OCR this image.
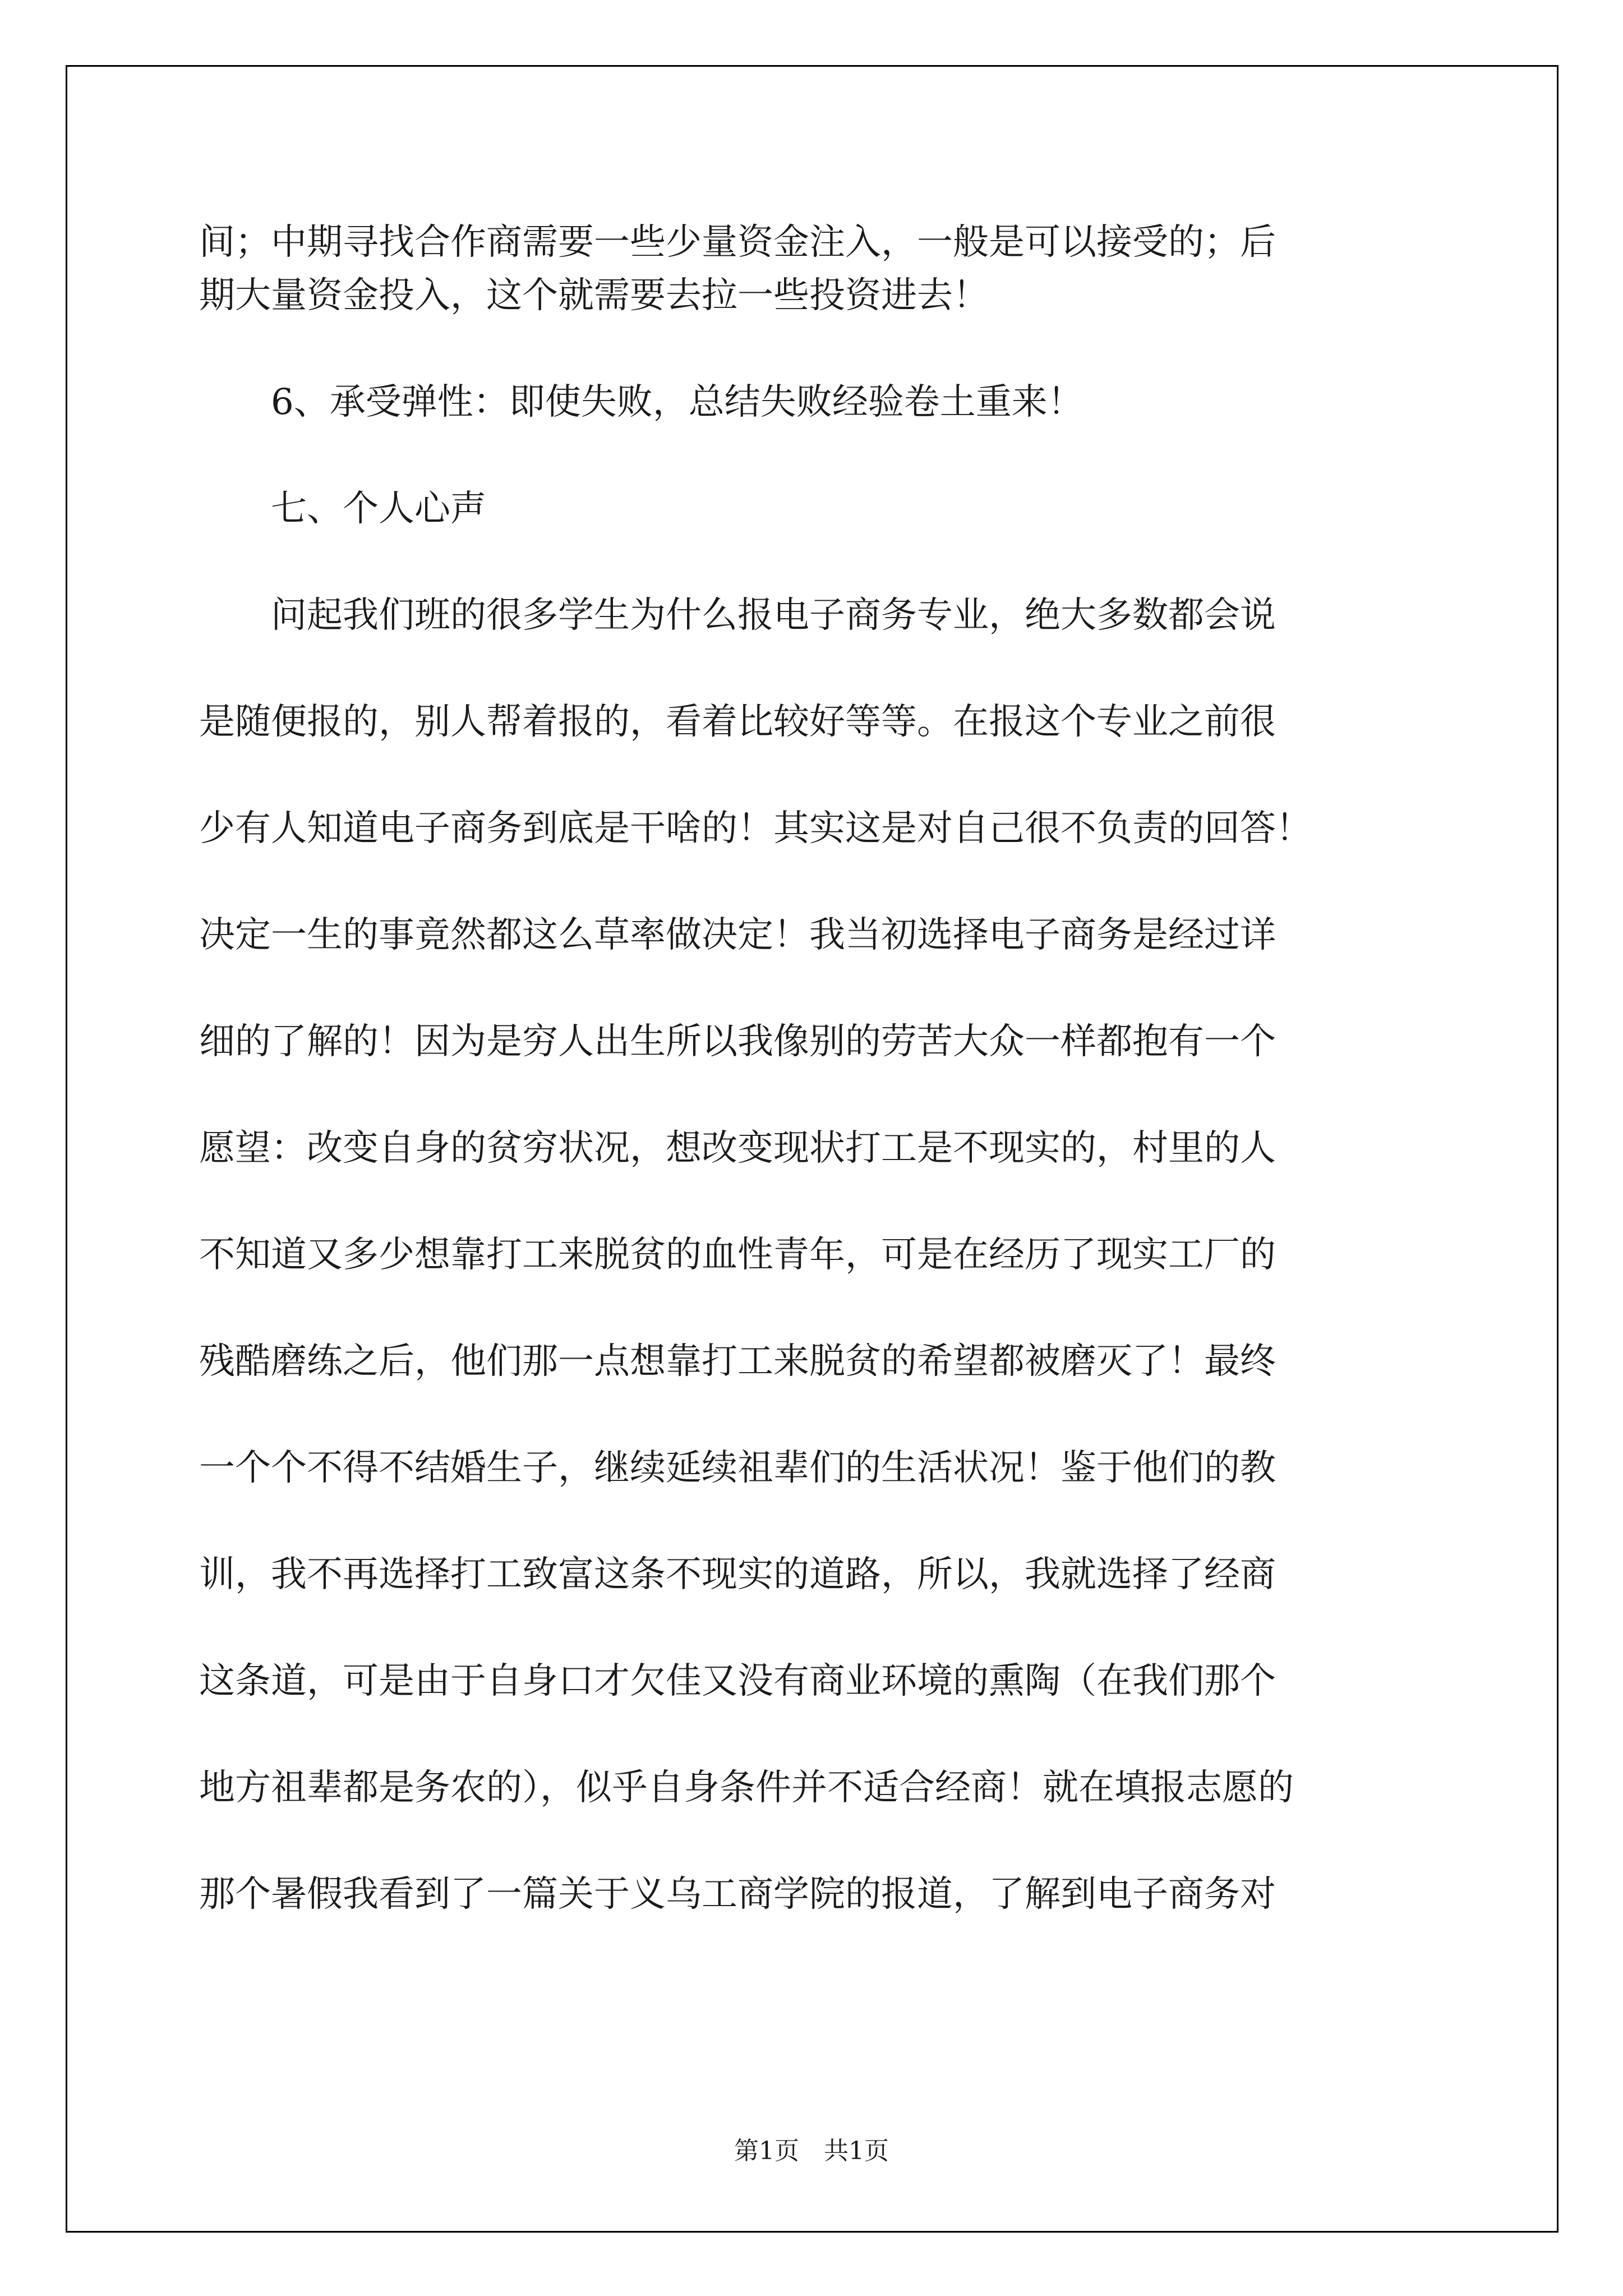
间；中期寻找合作商需要一些少量资金注入，一般是可以接受的；后
期大量资金投入，这个就需要去拉一些投资进去！
6、承受弹性：即使失败，总结失败经验卷土重来！
七、个人心声
问起我们班的很多学生为什么报电子商务专业，绝大多数都会说
是随便报的，别人帮着报的，看着比较好等等。在报这个专业之前很
少有人知道电子商务到底是干啥的！其实这是对自己很不负责的回答！
决定一生的事竟然都这么草率做决定！我当初选择电子商务是经过详
细的了解的！因为是穷人出生所以我像别的劳苦大众一样都抱有一个
愿望：改变自身的贫穷状况，想改变现状打工是不现实的，村里的人
不知道又多少想靠打工来脱贫的血性青年，可是在经历了现实工厂的
残酷磨练之后，他们那一点想靠打工来脱贫的希望都被磨灭了！最终
一个个不得不结婚生子，继续延续祖辈们的生活状况！鉴于他们的教
训，我不再选择打工致富这条不现实的道路，所以，我就选择了经商
这条道，可是由于自身口才欠佳又没有商业环境的熏陶（在我们那个
地方祖辈都是务农的），似乎自身条件并不适合经商！就在填报志愿的
那个暑假我看到了一篇关于义乌工商学院的报道，了解到电子商务对
第1页　共1页
